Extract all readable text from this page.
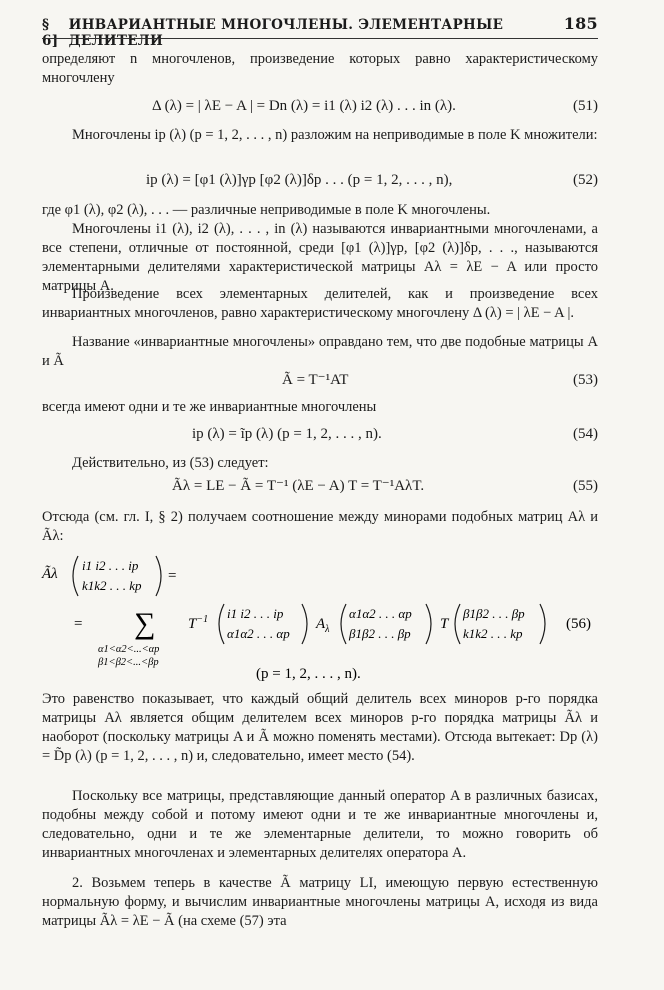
§ 6]
ИНВАРИАНТНЫЕ МНОГОЧЛЕНЫ. ЭЛЕМЕНТАРНЫЕ ДЕЛИТЕЛИ
185
определяют n многочленов, произведение которых равно характеристическому многочлену
Δ (λ) = | λE − A | = Dn (λ) = i1 (λ) i2 (λ) . . . in (λ).	(51)
Многочлены ip (λ) (p = 1, 2, . . . , n) разложим на неприводимые в поле K множители:
ip (λ) = [φ1 (λ)]γp [φ2 (λ)]δp . . . (p = 1, 2, . . . , n),	(52)
где φ1 (λ), φ2 (λ), . . . — различные неприводимые в поле K многочлены.
Многочлены i1 (λ), i2 (λ), . . . , in (λ) называются инвариантными многочленами, а все степени, отличные от постоянной, среди [φ1 (λ)]γp, [φ2 (λ)]δp, . . ., называются элементарными делителями характеристической матрицы Aλ = λE − A или просто матрицы A.
Произведение всех элементарных делителей, как и произведение всех инвариантных многочленов, равно характеристическому многочлену Δ (λ) = | λE − A |.
Название «инвариантные многочлены» оправдано тем, что две подобные матрицы A и Ã
Ã = T⁻¹AT	(53)
всегда имеют одни и те же инвариантные многочлены
ip (λ) = ĩp (λ) (p = 1, 2, . . . , n).	(54)
Действительно, из (53) следует:
Ãλ = LE − Ã = T⁻¹ (λE − A) T = T⁻¹AλT.	(55)
Отсюда (см. гл. I, § 2) получаем соотношение между минорами подобных матриц Aλ и Ãλ:
Ãλ
i1 i2 . . . ip
k1k2 . . . kp
=
= ∑
α1<α2<...<αp
β1<β2<...<βp
$T^{-1}$ i1 i2 . . . ip
α1α2 . . . αp
$A_\lambda$
α1α2 . . . αp
β1β2 . . . βp
T
β1β2 . . . βp
k1k2 . . . kp
(56)
(p = 1, 2, . . . , n).
Это равенство показывает, что каждый общий делитель всех миноров p-го порядка матрицы Aλ является общим делителем всех миноров p-го порядка матрицы Ãλ и наоборот (поскольку матрицы A и Ã можно поменять местами). Отсюда вытекает: Dp (λ) = D̃p (λ) (p = 1, 2, . . . , n) и, следовательно, имеет место (54).
Поскольку все матрицы, представляющие данный оператор A в различных базисах, подобны между собой и потому имеют одни и те же инвариантные многочлены и, следовательно, одни и те же элементарные делители, то можно говорить об инвариантных многочленах и элементарных делителях оператора A.
2. Возьмем теперь в качестве Ã матрицу LI, имеющую первую естественную нормальную форму, и вычислим инвариантные многочлены матрицы A, исходя из вида матрицы Ãλ = λE − Ã (на схеме (57) эта
